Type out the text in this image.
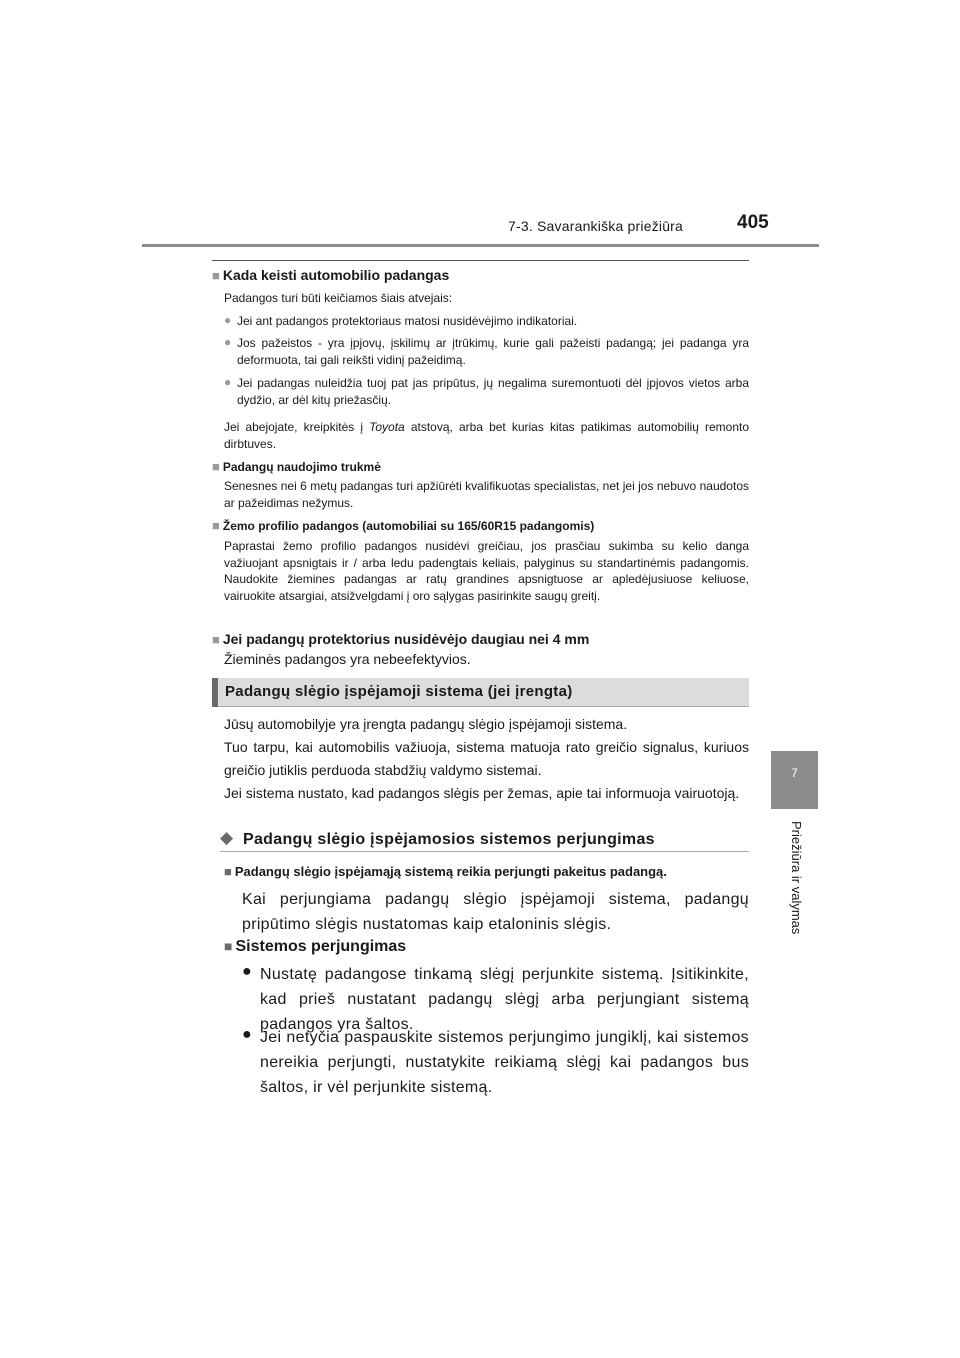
7-3. Savarankiška priežiūra	405
7
Priežiūra ir valymas
■ Kada keisti automobilio padangas
Padangos turi būti keičiamos šiais atvejais:
● Jei ant padangos protektoriaus matosi nusidėvėjimo indikatoriai.
● Jos pažeistos - yra įpjovų, įskilimų ar įtrūkimų, kurie gali pažeisti padangą; jei padanga yra deformuota, tai gali reikšti vidinį pažeidimą.
● Jei padangas nuleidžia tuoj pat jas pripūtus, jų negalima suremontuoti dėl įpjovos vietos arba dydžio, ar dėl kitų priežasčių.
Jei abejojate, kreipkitės į Toyota atstovą, arba bet kurias kitas patikimas automobilių remonto dirbtuves.
■ Padangų naudojimo trukmė
Senesnes nei 6 metų padangas turi apžiūrėti kvalifikuotas specialistas, net jei jos nebuvo naudotos ar pažeidimas nežymus.
■ Žemo profilio padangos (automobiliai su 165/60R15 padangomis)
Paprastai žemo profilio padangos nusidėvi greičiau, jos prasčiau sukimba su kelio danga važiuojant apsnigtais ir / arba ledu padengtais keliais, palyginus su standartinėmis padangomis. Naudokite žiemines padangas ar ratų grandines apsnigtuose ar apledėjusiuose keliuose, vairuokite atsargiai, atsižvelgdami į oro sąlygas pasirinkite saugų greitį.
■ Jei padangų protektorius nusidėvėjo daugiau nei 4 mm
Žieminės padangos yra nebeefektyvios.
Padangų slėgio įspėjamoji sistema (jei įrengta)
Jūsų automobilyje yra įrengta padangų slėgio įspėjamoji sistema.
Tuo tarpu, kai automobilis važiuoja, sistema matuoja rato greičio signalus, kuriuos greičio jutiklis perduoda stabdžių valdymo sistemai.
Jei sistema nustato, kad padangos slėgis per žemas, apie tai informuoja vairuotoją.
◆ Padangų slėgio įspėjamosios sistemos perjungimas
■ Padangų slėgio įspėjamąją sistemą reikia perjungti pakeitus padangą.
Kai perjungiama padangų slėgio įspėjamoji sistema, padangų pripūtimo slėgis nustatomas kaip etaloninis slėgis.
■ Sistemos perjungimas
● Nustatę padangose tinkamą slėgį perjunkite sistemą. Įsitikinkite, kad prieš nustatant padangų slėgį arba perjungiant sistemą padangos yra šaltos.
● Jei netyčia paspauskite sistemos perjungimo jungiklį, kai sistemos nereikia perjungti, nustatykite reikiamą slėgį kai padangos bus šaltos, ir vėl perjunkite sistemą.
